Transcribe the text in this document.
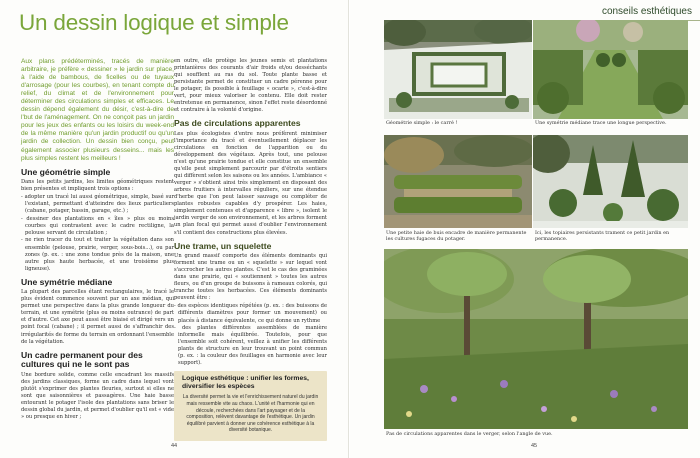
Un dessin logique et simple

Aux plans prédéterminés, tracés de manière arbitraire, je préfère « dessiner » le jardin sur place, à l'aide de bambous, de ficelles ou de tuyaux d'arrosage (pour les courbes), en tenant compte du relief, du climat et de l'environnement pour déterminer des circulations simples et efficaces. Le dessin dépend également du désir, c'est-à-dire de l'but de l'aménagement. On ne conçoit pas un jardin pour les jeux des enfants ou les loisirs du week-end de la même manière qu'un jardin productif ou qu'un jardin de collection. Un dessin bien conçu, peut également associer plusieurs desseins... mais les plus simples restent les meilleurs !

Une géométrie simple

Dans les petits jardins, les limites géométriques restent bien présentes et impliquent trois options :

- adopter un tracé lui aussi géométrique, simple, basé sur l'existant, permettant d'atteindre des lieux particuliers (cabane, potager, bassin, garage, etc.) ;
- dessiner des plantations en « îles » plus ou moins courbes qui contrastent avec le cadre rectiligne, la pelouse servant de circulation ;
- ne rien tracer du tout et traiter la végétation dans son ensemble (pelouse, prairie, verger, sous-bois...), ou par zones (p. ex. : une zone tondue près de la maison, une autre plus haute herbacée, et une troisième plus ligneuse).
Une symétrie médiane

La plupart des parcelles étant rectangulaires, le tracé le plus évident commence souvent par un axe médian, qui permet une perspective dans la plus grande longueur du terrain, et une symétrie (plus ou moins outrance) de part et d'autre. Cet axe peut aussi être biaisé et dirigé vers un point focal (cabane) ; il permet aussi de s'affranchir des irrégularités de forme du terrain en ordonnant l'ensemble de la végétation.

Un cadre permanent pour des cultures qui ne le sont pas

Une bordure solide, comme celle encadrant les massifs des jardins classiques, forme un cadre dans lequel vont plutôt s'exprimer des plantes fleuries, surtout si elles ne sont que saisonnières et passagères. Une haie basse entourant le potager l'isole des plantations sans briser le dessin global du jardin, et permet d'oublier qu'il est « vide » ou presque en hiver ;

en outre, elle protège les jeunes semis et plantations printanières des courants d'air froids et/ou desséchants qui soufflent au ras du sol. Toute plante basse et persistante permet de constituer un cadre pérenne pour le potager, ils possible à feuillage « ocarte », c'est-à-dire vert, pour mieux valoriser le contenu. Elle doit rester entretenue en permanence, sinon l'effet reste désordonné et contraire à la volonté d'origine.

Pas de circulations apparentes

Les plus écologistes d'entre nous préfèrent minimiser l'importance du tracé et éventuellement déplacer les circulations en fonction de l'apparition ou du développement des végétaux. Après tout, une pelouse n'est qu'une prairie tondue et elle constitue un ensemble qu'elle peut simplement parcourir par d'étroits sentiers qui diffèrent selon les saisons ou les années. L'ambiance « verger » s'obtient ainsi très simplement en disposant des arbres fruitiers à intervalles réguliers, sur une étendue d'herbe que l'on peut laisser sauvage ou compléter de plantes robustes capables d'y prospérer. Les haies, simplement contenues et d'apparence « libre », isolent le jardin verger de son environnement, et les arbres forment un plan focal qui permet aussi d'oublier l'environnement s'il contient des constructions plus élevées.

Une trame, un squelette

Un grand massif comporte des éléments dominants qui forment une trame ou un « squelette » sur lequel vont s'accrocher les autres plantes. C'est le cas des graminées dans une prairie, qui « soutiennent » toutes les autres fleurs, ou d'un groupe de buissons à rameaux colorés, qui tranche toutes les herbacées. Ces éléments dominants peuvent être :

- des espèces identiques répétées (p. ex. : des buissons de différents diamètres pour former un mouvement) ou placés à distance équivalente, ce qui donne un rythme
- des plantes différentes assemblées de manière informelle mais équilibrée. Toutefois, pour que l'ensemble soit cohérent, veillez à unifier les différents plants de structure en leur trouvant un point commun (p. ex. : la couleur des feuillages en harmonie avec leur support).
Logique esthétique : unifier les formes, diversifier les espèces

La diversité permet la vie et l'enrichissement naturel du jardin mais ressemble vite au chaos. L'unité et l'harmonie qui en découle, recherchées dans l'art paysager et de la composition, relèvent davantage de l'esthétique. Un jardin équilibré parvient à donner une cohérence esthétique à la diversité botanique.

44
conseils esthétiques
Géométrie simple : le carré !	Une symétrie médiane trace une longue perspective.
Une petite haie de buis encadre de manière permanente les cultures fugaces du potager.
Ici, les topiaires persistants trament ce petit jardin en permanence.
Pas de circulations apparentes dans le verger, selon l'angle de vue.
45
